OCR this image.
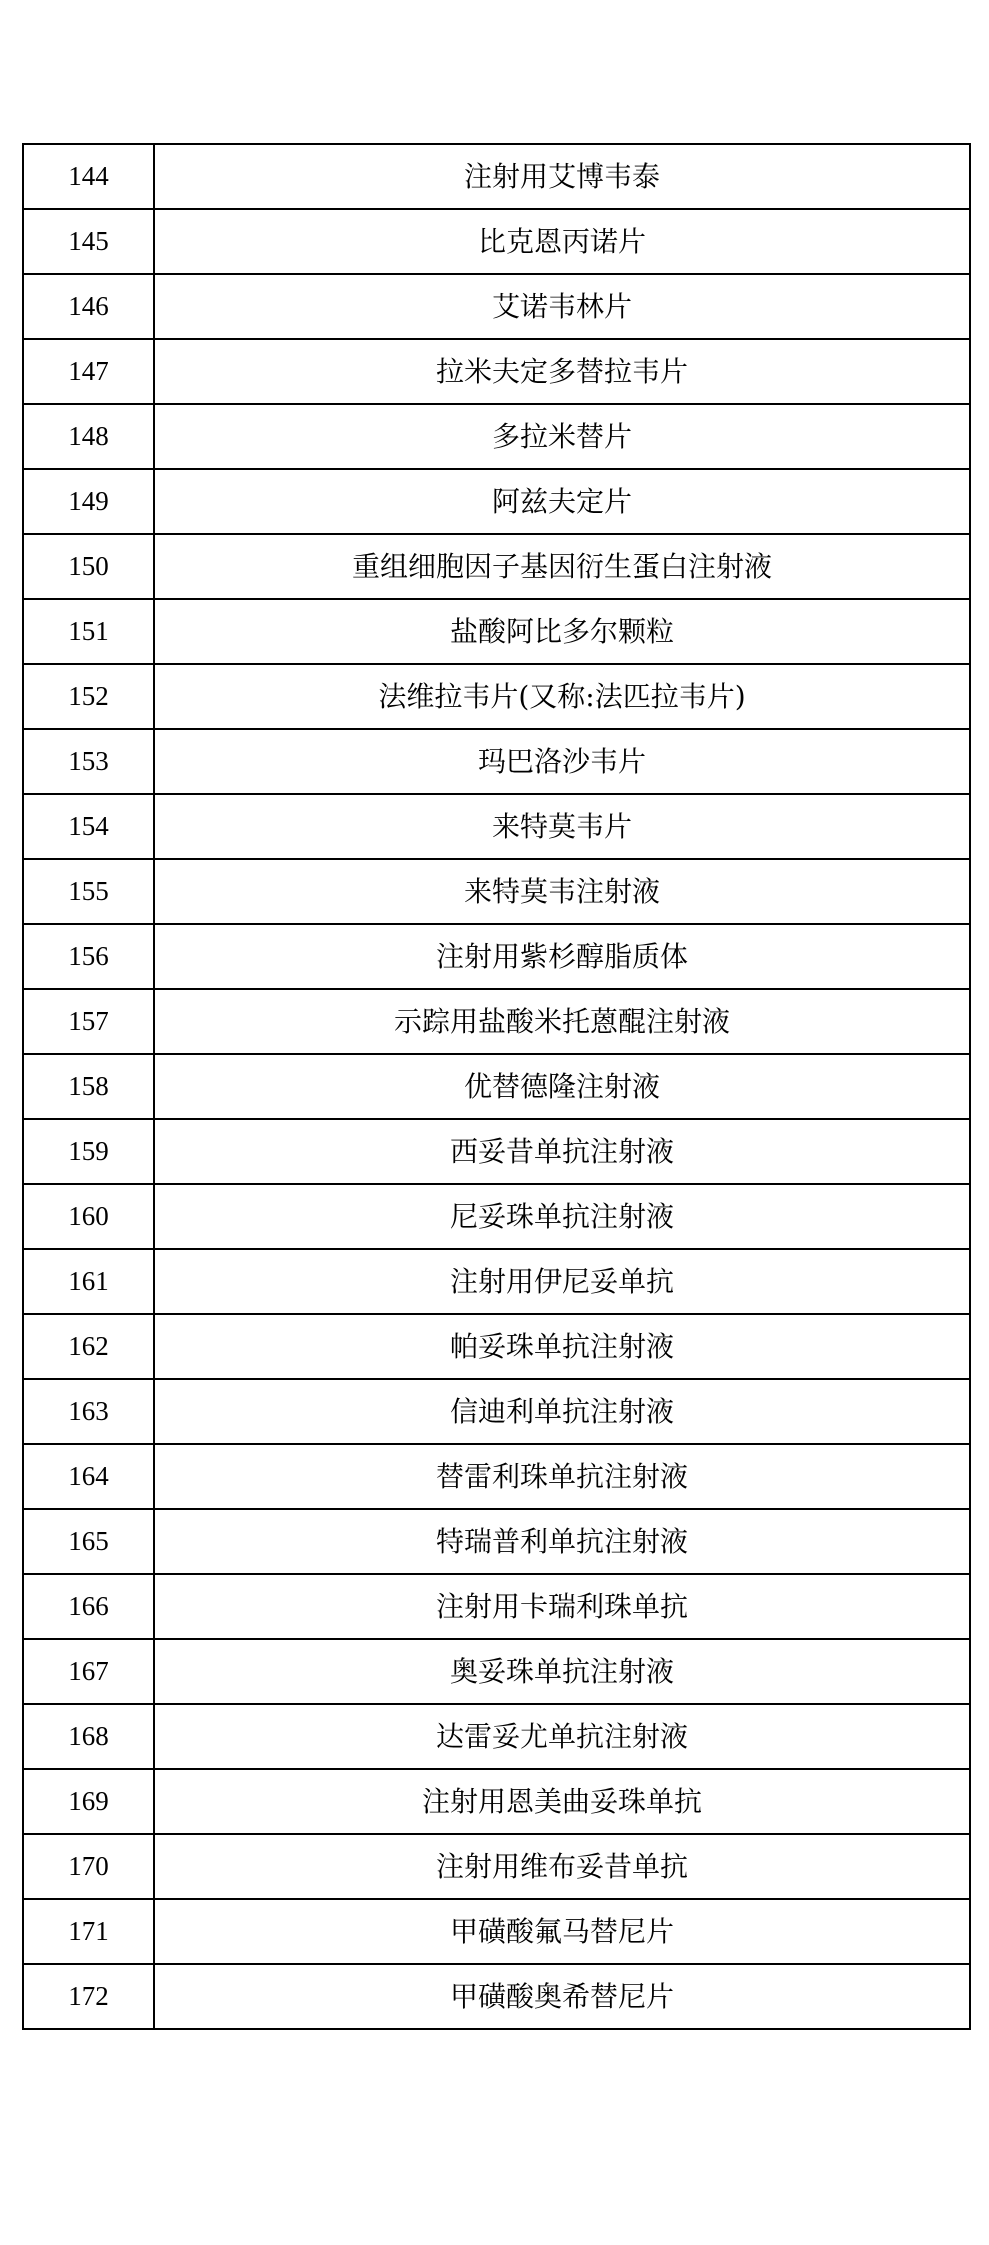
144	注射用艾博韦泰
145	比克恩丙诺片
146	艾诺韦林片
147	拉米夫定多替拉韦片
148	多拉米替片
149	阿兹夫定片
150	重组细胞因子基因衍生蛋白注射液
151	盐酸阿比多尔颗粒
152	法维拉韦片(又称:法匹拉韦片)
153	玛巴洛沙韦片
154	来特莫韦片
155	来特莫韦注射液
156	注射用紫杉醇脂质体
157	示踪用盐酸米托蒽醌注射液
158	优替德隆注射液
159	西妥昔单抗注射液
160	尼妥珠单抗注射液
161	注射用伊尼妥单抗
162	帕妥珠单抗注射液
163	信迪利单抗注射液
164	替雷利珠单抗注射液
165	特瑞普利单抗注射液
166	注射用卡瑞利珠单抗
167	奥妥珠单抗注射液
168	达雷妥尤单抗注射液
169	注射用恩美曲妥珠单抗
170	注射用维布妥昔单抗
171	甲磺酸氟马替尼片
172	甲磺酸奥希替尼片
